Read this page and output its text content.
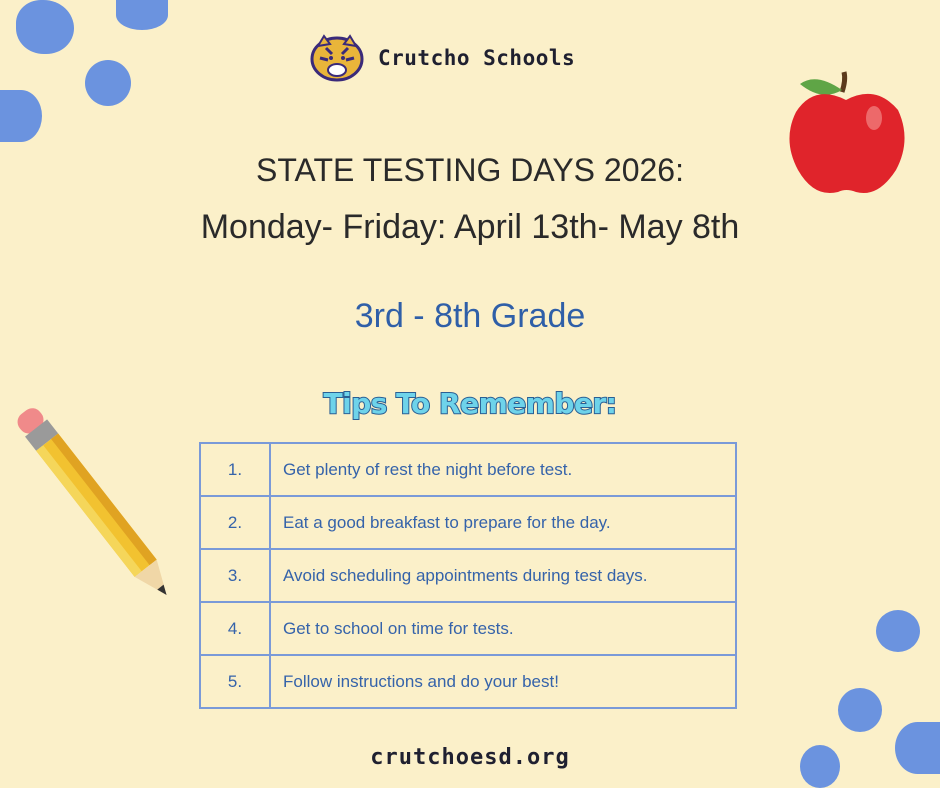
Crutcho Schools
STATE TESTING DAYS 2026:
Monday- Friday: April 13th- May 8th
3rd - 8th Grade
Tips To Remember:
1.	Get plenty of rest the night before test.
2.	Eat a good breakfast to prepare for the day.
3.	Avoid scheduling appointments during test days.
4.	Get to school on time for tests.
5.	Follow instructions and do your best!
crutchoesd.org
